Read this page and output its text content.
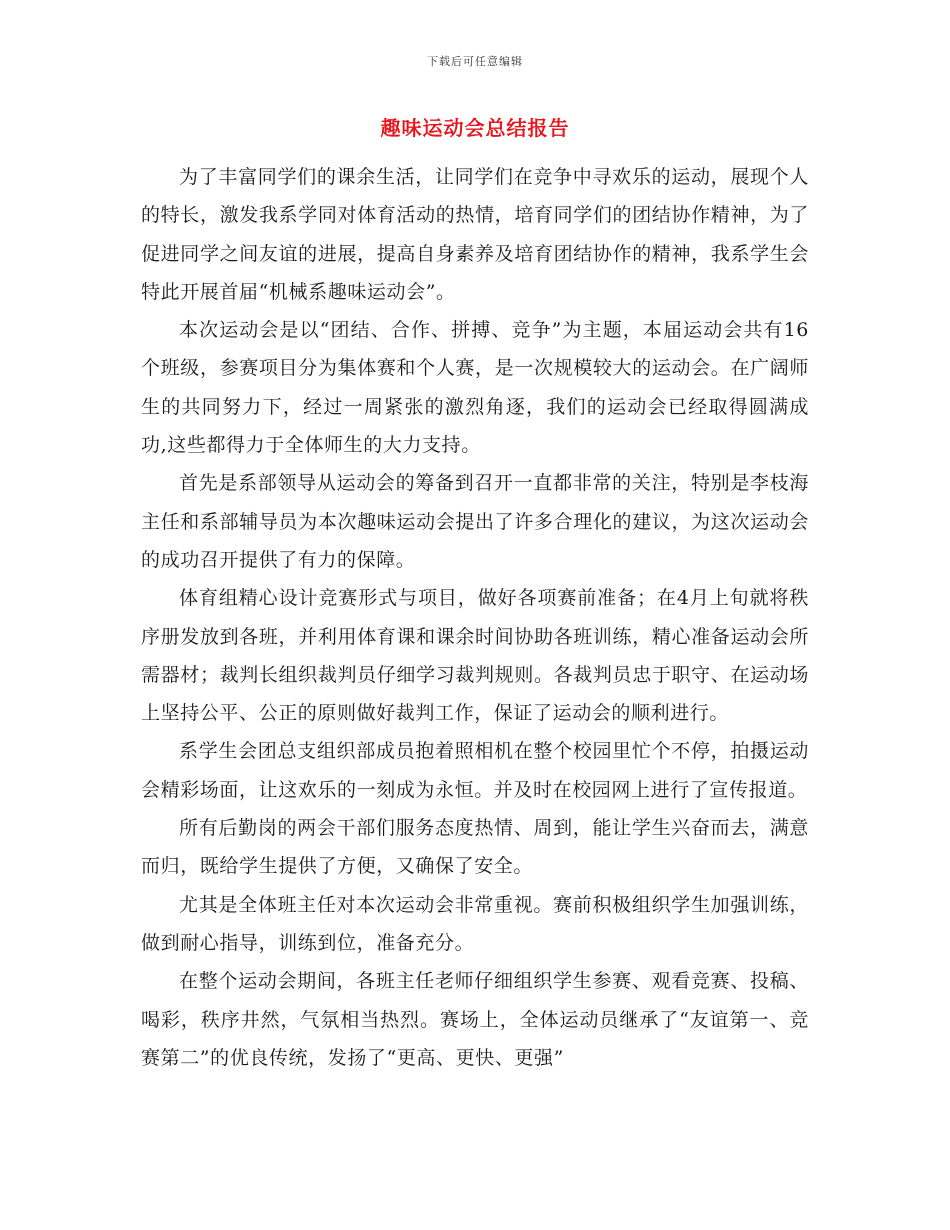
下载后可任意编辑
趣味运动会总结报告

为了丰富同学们的课余生活，让同学们在竞争中寻欢乐的运动，展现个人的特长，激发我系学同对体育活动的热情，培育同学们的团结协作精神，为了促进同学之间友谊的进展，提高自身素养及培育团结协作的精神，我系学生会特此开展首届“机械系趣味运动会”。

本次运动会是以“团结、合作、拼搏、竞争”为主题，本届运动会共有16个班级，参赛项目分为集体赛和个人赛，是一次规模较大的运动会。在广阔师生的共同努力下，经过一周紧张的激烈角逐，我们的运动会已经取得圆满成功,这些都得力于全体师生的大力支持。

首先是系部领导从运动会的筹备到召开一直都非常的关注，特别是李枝海主任和系部辅导员为本次趣味运动会提出了许多合理化的建议，为这次运动会的成功召开提供了有力的保障。

体育组精心设计竞赛形式与项目，做好各项赛前准备；在4月上旬就将秩序册发放到各班，并利用体育课和课余时间协助各班训练，精心准备运动会所需器材；裁判长组织裁判员仔细学习裁判规则。各裁判员忠于职守、在运动场上坚持公平、公正的原则做好裁判工作，保证了运动会的顺利进行。

系学生会团总支组织部成员抱着照相机在整个校园里忙个不停，拍摄运动会精彩场面，让这欢乐的一刻成为永恒。并及时在校园网上进行了宣传报道。

所有后勤岗的两会干部们服务态度热情、周到，能让学生兴奋而去，满意而归，既给学生提供了方便，又确保了安全。

尤其是全体班主任对本次运动会非常重视。赛前积极组织学生加强训练，做到耐心指导，训练到位，准备充分。

在整个运动会期间，各班主任老师仔细组织学生参赛、观看竞赛、投稿、喝彩，秩序井然，气氛相当热烈。赛场上，全体运动员继承了“友谊第一、竞赛第二”的优良传统，发扬了“更高、更快、更强”
